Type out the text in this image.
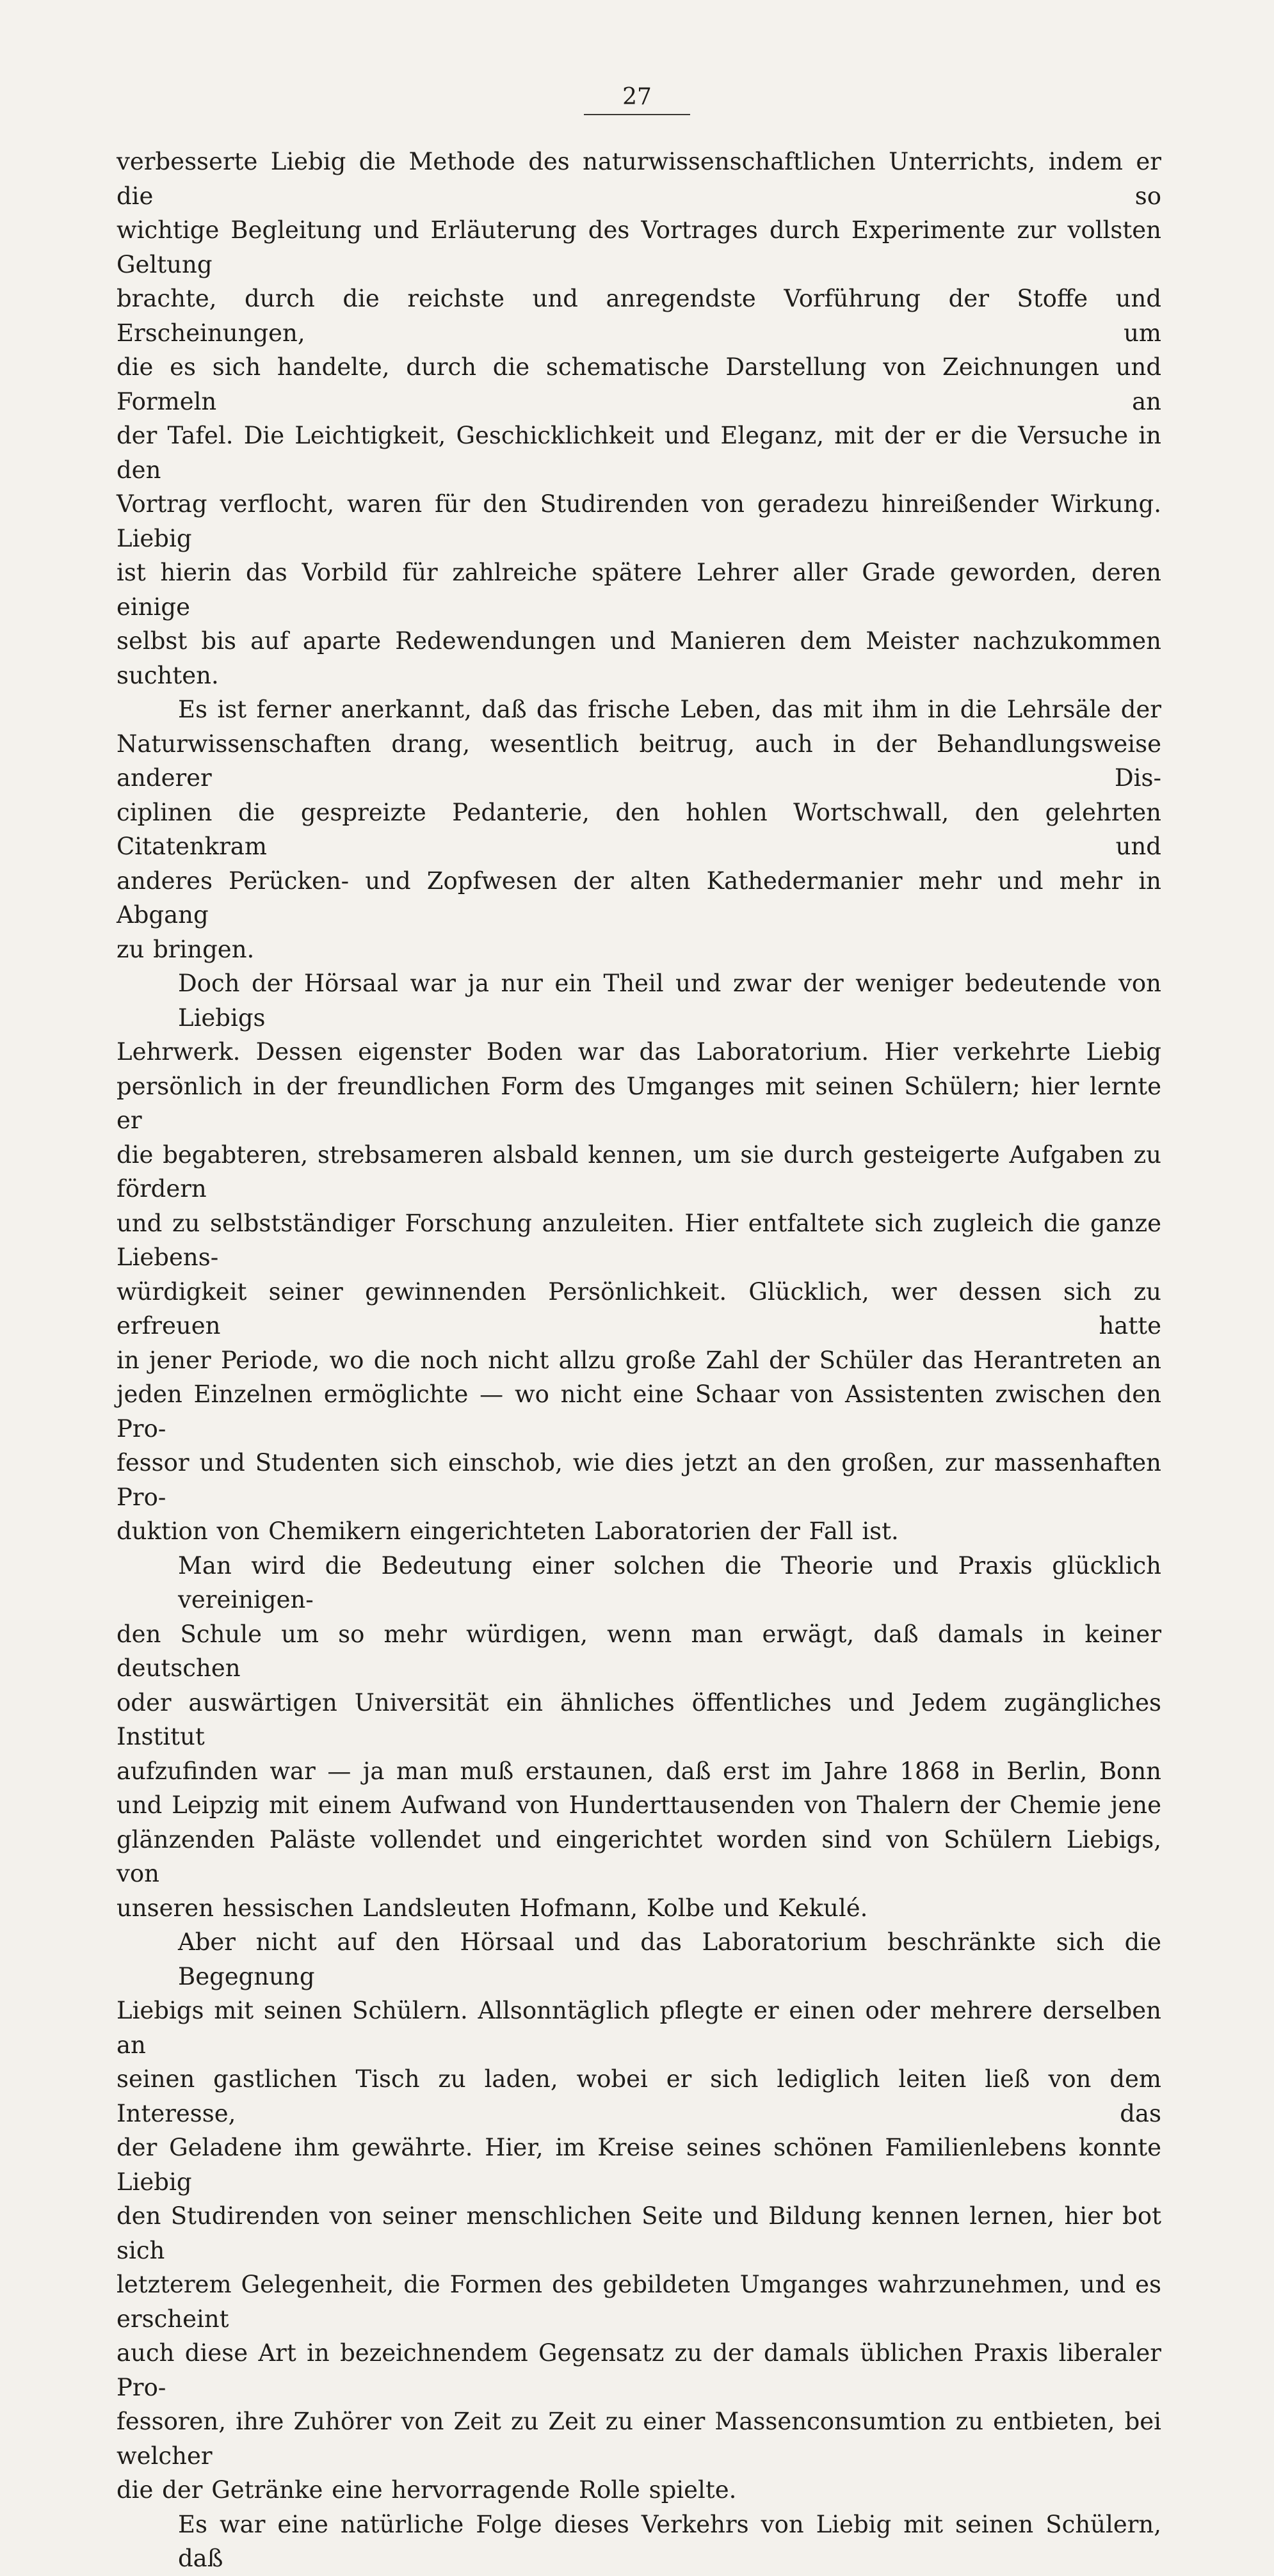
27

verbesserte Liebig die Methode des naturwissenschaftlichen Unterrichts, indem er die so
wichtige Begleitung und Erläuterung des Vortrages durch Experimente zur vollsten Geltung
brachte, durch die reichste und anregendste Vorführung der Stoffe und Erscheinungen, um
die es sich handelte, durch die schematische Darstellung von Zeichnungen und Formeln an
der Tafel. Die Leichtigkeit, Geschicklichkeit und Eleganz, mit der er die Versuche in den
Vortrag verflocht, waren für den Studirenden von geradezu hinreißender Wirkung. Liebig
ist hierin das Vorbild für zahlreiche spätere Lehrer aller Grade geworden, deren einige
selbst bis auf aparte Redewendungen und Manieren dem Meister nachzukommen suchten.

Es ist ferner anerkannt, daß das frische Leben, das mit ihm in die Lehrsäle der
Naturwissenschaften drang, wesentlich beitrug, auch in der Behandlungsweise anderer Dis-
ciplinen die gespreizte Pedanterie, den hohlen Wortschwall, den gelehrten Citatenkram und
anderes Perücken- und Zopfwesen der alten Kathedermanier mehr und mehr in Abgang
zu bringen.

Doch der Hörsaal war ja nur ein Theil und zwar der weniger bedeutende von Liebigs
Lehrwerk. Dessen eigenster Boden war das Laboratorium. Hier verkehrte Liebig
persönlich in der freundlichen Form des Umganges mit seinen Schülern; hier lernte er
die begabteren, strebsameren alsbald kennen, um sie durch gesteigerte Aufgaben zu fördern
und zu selbstständiger Forschung anzuleiten. Hier entfaltete sich zugleich die ganze Liebens-
würdigkeit seiner gewinnenden Persönlichkeit. Glücklich, wer dessen sich zu erfreuen hatte
in jener Periode, wo die noch nicht allzu große Zahl der Schüler das Herantreten an
jeden Einzelnen ermöglichte — wo nicht eine Schaar von Assistenten zwischen den Pro-
fessor und Studenten sich einschob, wie dies jetzt an den großen, zur massenhaften Pro-
duktion von Chemikern eingerichteten Laboratorien der Fall ist.

Man wird die Bedeutung einer solchen die Theorie und Praxis glücklich vereinigen-
den Schule um so mehr würdigen, wenn man erwägt, daß damals in keiner deutschen
oder auswärtigen Universität ein ähnliches öffentliches und Jedem zugängliches Institut
aufzufinden war — ja man muß erstaunen, daß erst im Jahre 1868 in Berlin, Bonn
und Leipzig mit einem Aufwand von Hunderttausenden von Thalern der Chemie jene
glänzenden Paläste vollendet und eingerichtet worden sind von Schülern Liebigs, von
unseren hessischen Landsleuten Hofmann, Kolbe und Kekulé.

Aber nicht auf den Hörsaal und das Laboratorium beschränkte sich die Begegnung
Liebigs mit seinen Schülern. Allsonntäglich pflegte er einen oder mehrere derselben an
seinen gastlichen Tisch zu laden, wobei er sich lediglich leiten ließ von dem Interesse, das
der Geladene ihm gewährte. Hier, im Kreise seines schönen Familienlebens konnte Liebig
den Studirenden von seiner menschlichen Seite und Bildung kennen lernen, hier bot sich
letzterem Gelegenheit, die Formen des gebildeten Umganges wahrzunehmen, und es erscheint
auch diese Art in bezeichnendem Gegensatz zu der damals üblichen Praxis liberaler Pro-
fessoren, ihre Zuhörer von Zeit zu Zeit zu einer Massenconsumtion zu entbieten, bei welcher
die der Getränke eine hervorragende Rolle spielte.

Es war eine natürliche Folge dieses Verkehrs von Liebig mit seinen Schülern, daß
